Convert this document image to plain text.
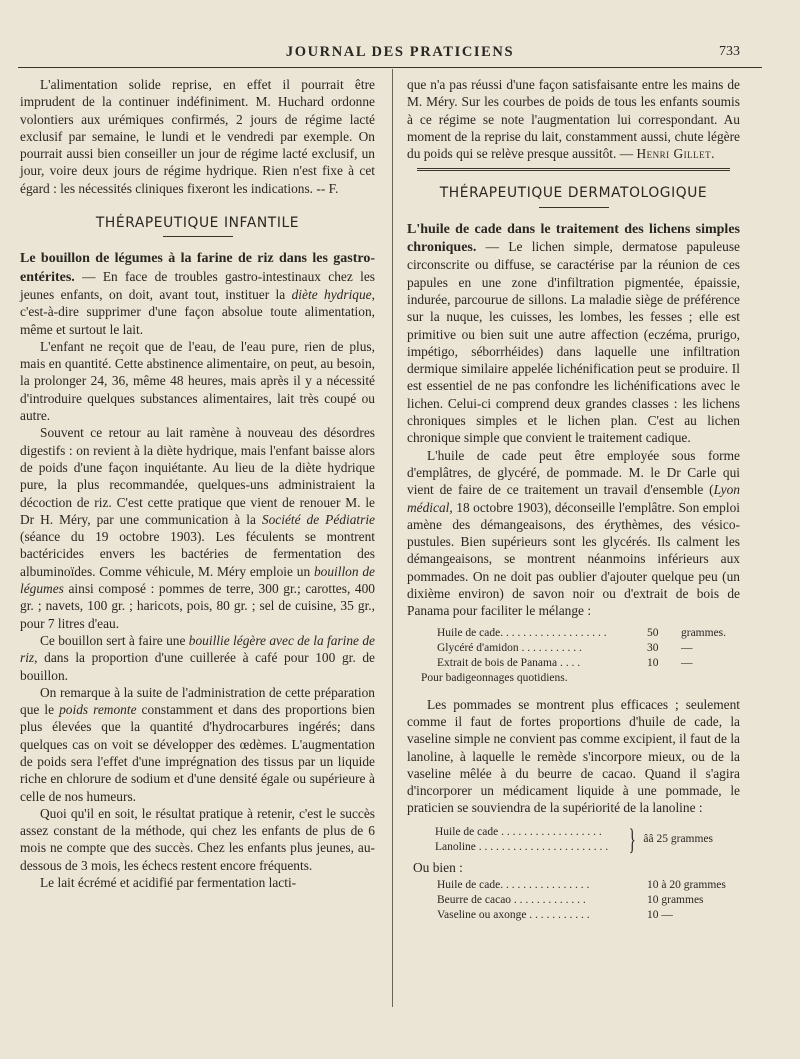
JOURNAL DES PRATICIENS	733

L'alimentation solide reprise, en effet il pourrait être imprudent de la continuer indéfiniment. M. Huchard ordonne volontiers aux urémiques confirmés, 2 jours de régime lacté exclusif par semaine, le lundi et le vendredi par exemple. On pourrait aussi bien conseiller un jour de régime lacté exclusif, un jour, voire deux jours de régime hydrique. Rien n'est fixe à cet égard : les nécessités cliniques fixeront les indications. -- F.

THÉRAPEUTIQUE INFANTILE

Le bouillon de légumes à la farine de riz dans les gastro-entérites. — En face de troubles gastro-intestinaux chez les jeunes enfants, on doit, avant tout, instituer la diète hydrique, c'est-à-dire supprimer d'une façon absolue toute alimentation, même et surtout le lait.

L'enfant ne reçoit que de l'eau, de l'eau pure, rien de plus, mais en quantité. Cette abstinence alimentaire, on peut, au besoin, la prolonger 24, 36, même 48 heures, mais après il y a nécessité d'introduire quelques substances alimentaires, lait très coupé ou autre.

Souvent ce retour au lait ramène à nouveau des désordres digestifs : on revient à la diète hydrique, mais l'enfant baisse alors de poids d'une façon inquiétante. Au lieu de la diète hydrique pure, la plus recommandée, quelques-uns administraient la décoction de riz. C'est cette pratique que vient de renouer M. le Dr H. Méry, par une communication à la Société de Pédiatrie (séance du 19 octobre 1903). Les féculents se montrent bactéricides envers les bactéries de fermentation des albuminoïdes. Comme véhicule, M. Méry emploie un bouillon de légumes ainsi composé : pommes de terre, 300 gr.; carottes, 400 gr. ; navets, 100 gr. ; haricots, pois, 80 gr. ; sel de cuisine, 35 gr., pour 7 litres d'eau.

Ce bouillon sert à faire une bouillie légère avec de la farine de riz, dans la proportion d'une cuillerée à café pour 100 gr. de bouillon.

On remarque à la suite de l'administration de cette préparation que le poids remonte constamment et dans des proportions bien plus élevées que la quantité d'hydrocarbures ingérés; dans quelques cas on voit se développer des œdèmes. L'augmentation de poids sera l'effet d'une imprégnation des tissus par un liquide riche en chlorure de sodium et d'une densité égale ou supérieure à celle de nos humeurs.

Quoi qu'il en soit, le résultat pratique à retenir, c'est le succès assez constant de la méthode, qui chez les enfants de plus de 6 mois ne compte que des succès. Chez les enfants plus jeunes, au-dessous de 3 mois, les échecs restent encore fréquents.

Le lait écrémé et acidifié par fermentation lacti-

que n'a pas réussi d'une façon satisfaisante entre les mains de M. Méry. Sur les courbes de poids de tous les enfants soumis à ce régime se note l'augmentation lui correspondant. Au moment de la reprise du lait, constamment aussi, chute légère du poids qui se relève presque aussitôt. — Henri Gillet.

THÉRAPEUTIQUE DERMATOLOGIQUE

L'huile de cade dans le traitement des lichens simples chroniques. — Le lichen simple, dermatose papuleuse circonscrite ou diffuse, se caractérise par la réunion de ces papules en une zone d'infiltration pigmentée, épaissie, indurée, parcourue de sillons. La maladie siège de préférence sur la nuque, les cuisses, les lombes, les fesses ; elle est primitive ou bien suit une autre affection (eczéma, prurigo, impétigo, séborrhéides) dans laquelle une infiltration dermique similaire appelée lichénification peut se produire. Il est essentiel de ne pas confondre les lichénifications avec le lichen. Celui-ci comprend deux grandes classes : les lichens chroniques simples et le lichen plan. C'est au lichen chronique simple que convient le traitement cadique.

L'huile de cade peut être employée sous forme d'emplâtres, de glycéré, de pommade. M. le Dr Carle qui vient de faire de ce traitement un travail d'ensemble (Lyon médical, 18 octobre 1903), déconseille l'emplâtre. Son emploi amène des démangeaisons, des érythèmes, des vésico-pustules. Bien supérieurs sont les glycérés. Ils calment les démangeaisons, se montrent néanmoins inférieurs aux pommades. On ne doit pas oublier d'ajouter quelque peu (un dixième environ) de savon noir ou d'extrait de bois de Panama pour faciliter le mélange :

Huile de cade. . . . . . . . . . . . . . . . . . .	50	grammes.
Glycéré d'amidon . . . . . . . . . . .	30	—
Extrait de bois de Panama . . . .	10	—
Pour badigeonnages quotidiens.

Les pommades se montrent plus efficaces ; seulement comme il faut de fortes proportions d'huile de cade, la vaseline simple ne convient pas comme excipient, il faut de la lanoline, à laquelle le remède s'incorpore mieux, ou de la vaseline mêlée à du beurre de cacao. Quand il s'agira d'incorporer un médicament liquide à une pommade, le praticien se souviendra de la supériorité de la lanoline :

Huile de cade . . . . . . . . . . . . . . . . . .
Lanoline . . . . . . . . . . . . . . . . . . . . . . . } ââ 25 grammes
Ou bien :
Huile de cade. . . . . . . . . . . . . . . .	10 à 20 grammes
Beurre de cacao . . . . . . . . . . . . .	10 grammes
Vaseline ou axonge . . . . . . . . . . .	10 —
